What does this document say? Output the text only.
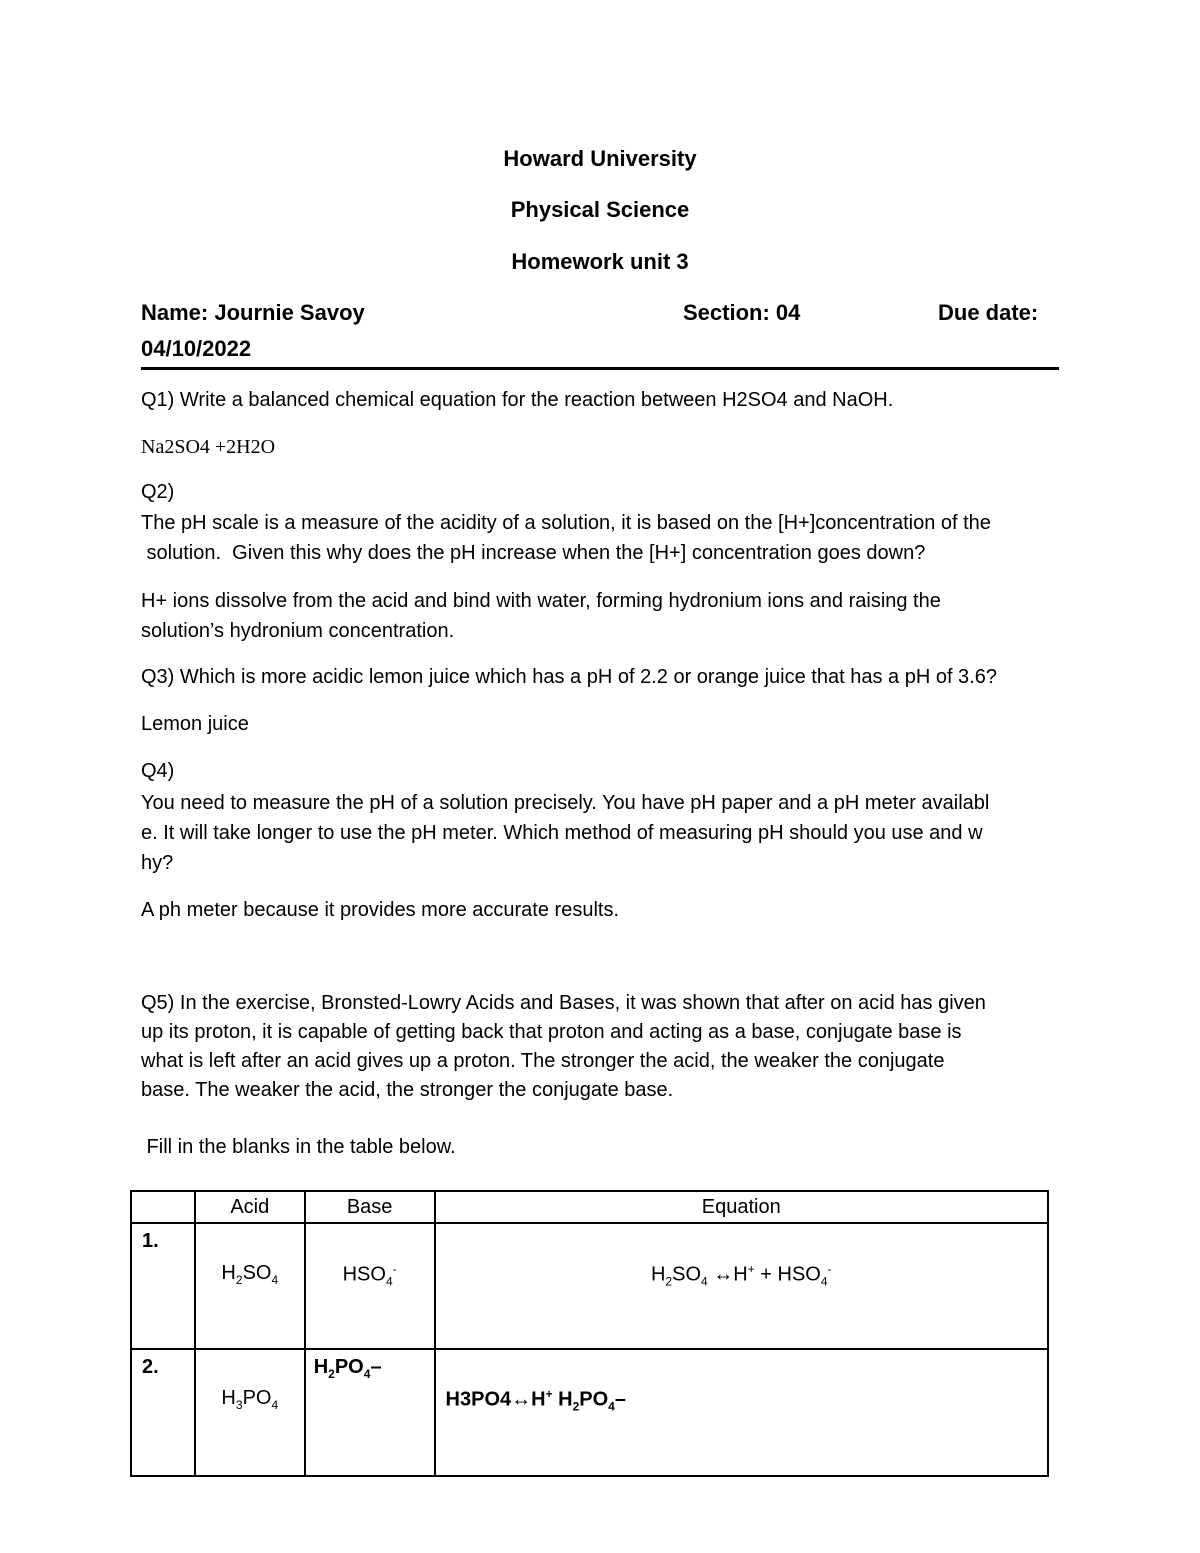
Howard University
Physical Science
Homework unit 3
Name: Journie Savoy	Section: 04	Due date:
04/10/2022
Q1) Write a balanced chemical equation for the reaction between H2SO4 and NaOH.
Na2SO4 +2H2O
Q2)
The pH scale is a measure of the acidity of a solution, it is based on the [H+]concentration of the
solution.  Given this why does the pH increase when the [H+] concentration goes down?
H+ ions dissolve from the acid and bind with water, forming hydronium ions and raising the
solution’s hydronium concentration.
Q3) Which is more acidic lemon juice which has a pH of 2.2 or orange juice that has a pH of 3.6?
Lemon juice
Q4)
You need to measure the pH of a solution precisely. You have pH paper and a pH meter availabl
e. It will take longer to use the pH meter. Which method of measuring pH should you use and w
hy?
A ph meter because it provides more accurate results.
Q5) In the exercise, Bronsted-Lowry Acids and Bases, it was shown that after on acid has given
up its proton, it is capable of getting back that proton and acting as a base, conjugate base is
what is left after an acid gives up a proton. The stronger the acid, the weaker the conjugate
base. The weaker the acid, the stronger the conjugate base.
Fill in the blanks in the table below.
	Acid	Base	Equation
1.	$H_2SO_4$	$HSO_4^-$	$H_2SO_4$ ↔H+ + $HSO_4^-$
2.	$H_3PO_4$	$H_2PO_4-$	H3PO4↔H+ $H_2PO_4-$
